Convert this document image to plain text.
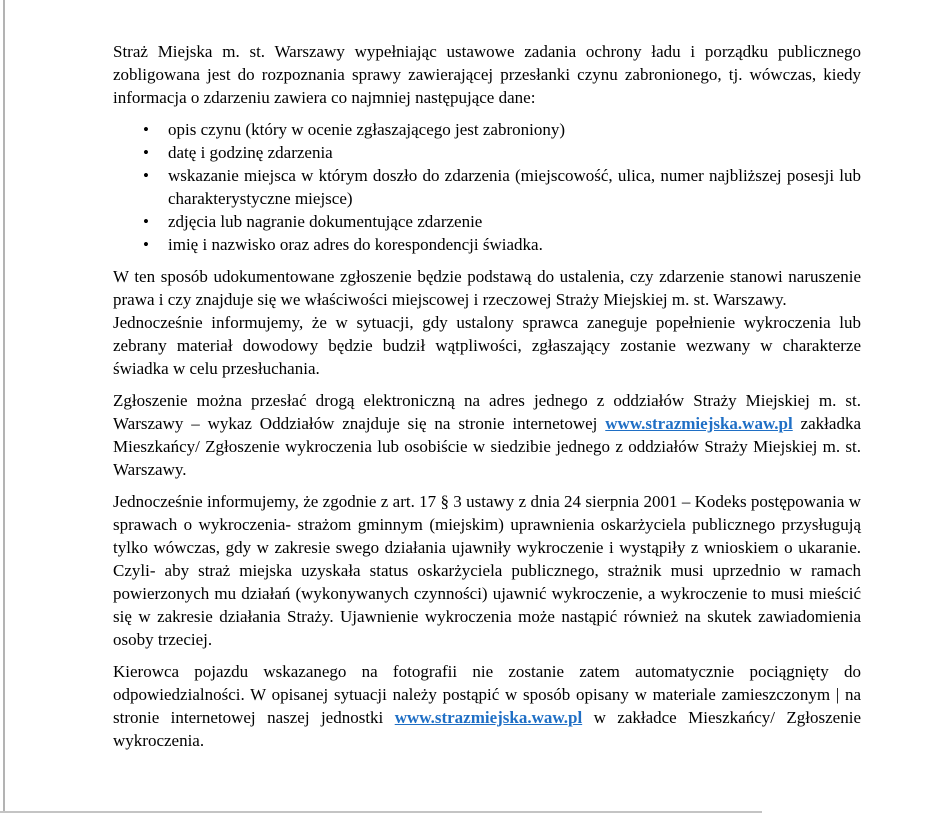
Straż Miejska m. st. Warszawy wypełniając ustawowe zadania ochrony ładu i porządku publicznego zobligowana jest do rozpoznania sprawy zawierającej przesłanki czynu zabronionego, tj. wówczas, kiedy informacja o zdarzeniu zawiera co najmniej następujące dane:

• opis czynu (który w ocenie zgłaszającego jest zabroniony)
• datę i godzinę zdarzenia
• wskazanie miejsca w którym doszło do zdarzenia (miejscowość, ulica, numer najbliższej posesji lub charakterystyczne miejsce)
• zdjęcia lub nagranie dokumentujące zdarzenie
• imię i nazwisko oraz adres do korespondencji świadka.

W ten sposób udokumentowane zgłoszenie będzie podstawą do ustalenia, czy zdarzenie stanowi naruszenie prawa i czy znajduje się we właściwości miejscowej i rzeczowej Straży Miejskiej m. st. Warszawy.

Jednocześnie informujemy, że w sytuacji, gdy ustalony sprawca zaneguje popełnienie wykroczenia lub zebrany materiał dowodowy będzie budził wątpliwości, zgłaszający zostanie wezwany w charakterze świadka w celu przesłuchania.

Zgłoszenie można przesłać drogą elektroniczną na adres jednego z oddziałów Straży Miejskiej m. st. Warszawy – wykaz Oddziałów znajduje się na stronie internetowej www.strazmiejska.waw.pl zakładka Mieszkańcy/ Zgłoszenie wykroczenia lub osobiście w siedzibie jednego z oddziałów Straży Miejskiej m. st. Warszawy.

Jednocześnie informujemy, że zgodnie z art. 17 § 3 ustawy z dnia 24 sierpnia 2001 – Kodeks postępowania w sprawach o wykroczenia- strażom gminnym (miejskim) uprawnienia oskarżyciela publicznego przysługują tylko wówczas, gdy w zakresie swego działania ujawniły wykroczenie i wystąpiły z wnioskiem o ukaranie. Czyli- aby straż miejska uzyskała status oskarżyciela publicznego, strażnik musi uprzednio w ramach powierzonych mu działań (wykonywanych czynności) ujawnić wykroczenie, a wykroczenie to musi mieścić się w zakresie działania Straży. Ujawnienie wykroczenia może nastąpić również na skutek zawiadomienia osoby trzeciej.

Kierowca pojazdu wskazanego na fotografii nie zostanie zatem automatycznie pociągnięty do odpowiedzialności. W opisanej sytuacji należy postąpić w sposób opisany w materiale zamieszczonym | na stronie internetowej naszej jednostki www.strazmiejska.waw.pl w zakładce Mieszkańcy/ Zgłoszenie wykroczenia.
